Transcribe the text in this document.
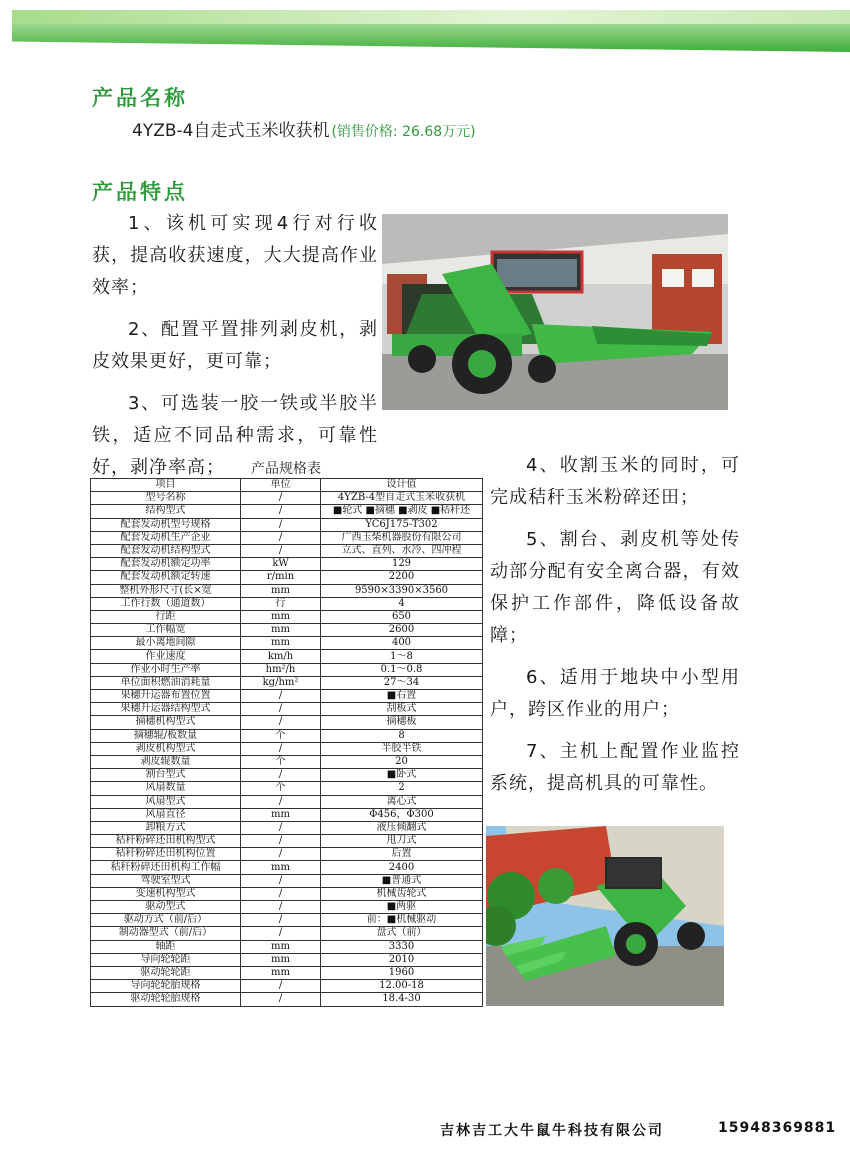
产品名称
4YZB-4自走式玉米收获机 (销售价格: 26.68万元)
产品特点

1、该机可实现4行对行收获，提高收获速度，大大提高作业效率；

2、配置平置排列剥皮机，剥皮效果更好，更可靠；

3、可选装一胶一铁或半胶半铁，适应不同品种需求，可靠性好，剥净率高；	4、收割玉米的同时，可完成秸秆玉米粉碎还田；

5、割台、剥皮机等处传动部分配有安全离合器，有效保护工作部件，降低设备故障；

6、适用于地块中小型用户，跨区作业的用户；

7、主机上配置作业监控系统，提高机具的可靠性。

产品规格表
项目	单位	设计值
型号名称	/	4YZB-4型自走式玉米收获机
结构型式	/	■轮式 ■摘穗 ■剥皮 ■秸秆还
配套发动机型号规格	/	YC6J175-T302
配套发动机生产企业	/	广西玉柴机器股份有限公司
配套发动机结构型式	/	立式、直列、水冷、四冲程
配套发动机额定功率	kW	129
配套发动机额定转速	r/min	2200
整机外形尺寸(长×宽	mm	9590×3390×3560
工作行数（通道数）	行	4
行距	mm	650
工作幅宽	mm	2600
最小离地间隙	mm	400
作业速度	km/h	1～8
作业小时生产率	hm²/h	0.1～0.8
单位面积燃油消耗量	kg/hm²	27～34
果穗升运器布置位置	/	■右置
果穗升运器结构型式	/	刮板式
摘穗机构型式	/	摘穗板
摘穗辊/板数量	个	8
剥皮机构型式	/	半胶半铁
剥皮辊数量	个	20
割台型式	/	■卧式
风扇数量	个	2
风扇型式	/	离心式
风扇直径	mm	Φ456，Φ300
卸粮方式	/	液压倾翻式
秸秆粉碎还田机构型式	/	甩刀式
秸秆粉碎还田机构位置	/	后置
秸秆粉碎还田机构工作幅	mm	2400
驾驶室型式	/	■普通式
变速机构型式	/	机械齿轮式
驱动型式	/	■两驱
驱动方式（前/后）	/	前：■机械驱动
制动器型式（前/后）	/	盘式（前）
轴距	mm	3330
导向轮轮距	mm	2010
驱动轮轮距	mm	1960
导向轮轮胎规格	/	12.00-18
驱动轮轮胎规格	/	18.4-30
吉林吉工大牛鼠牛科技有限公司	15948369881
